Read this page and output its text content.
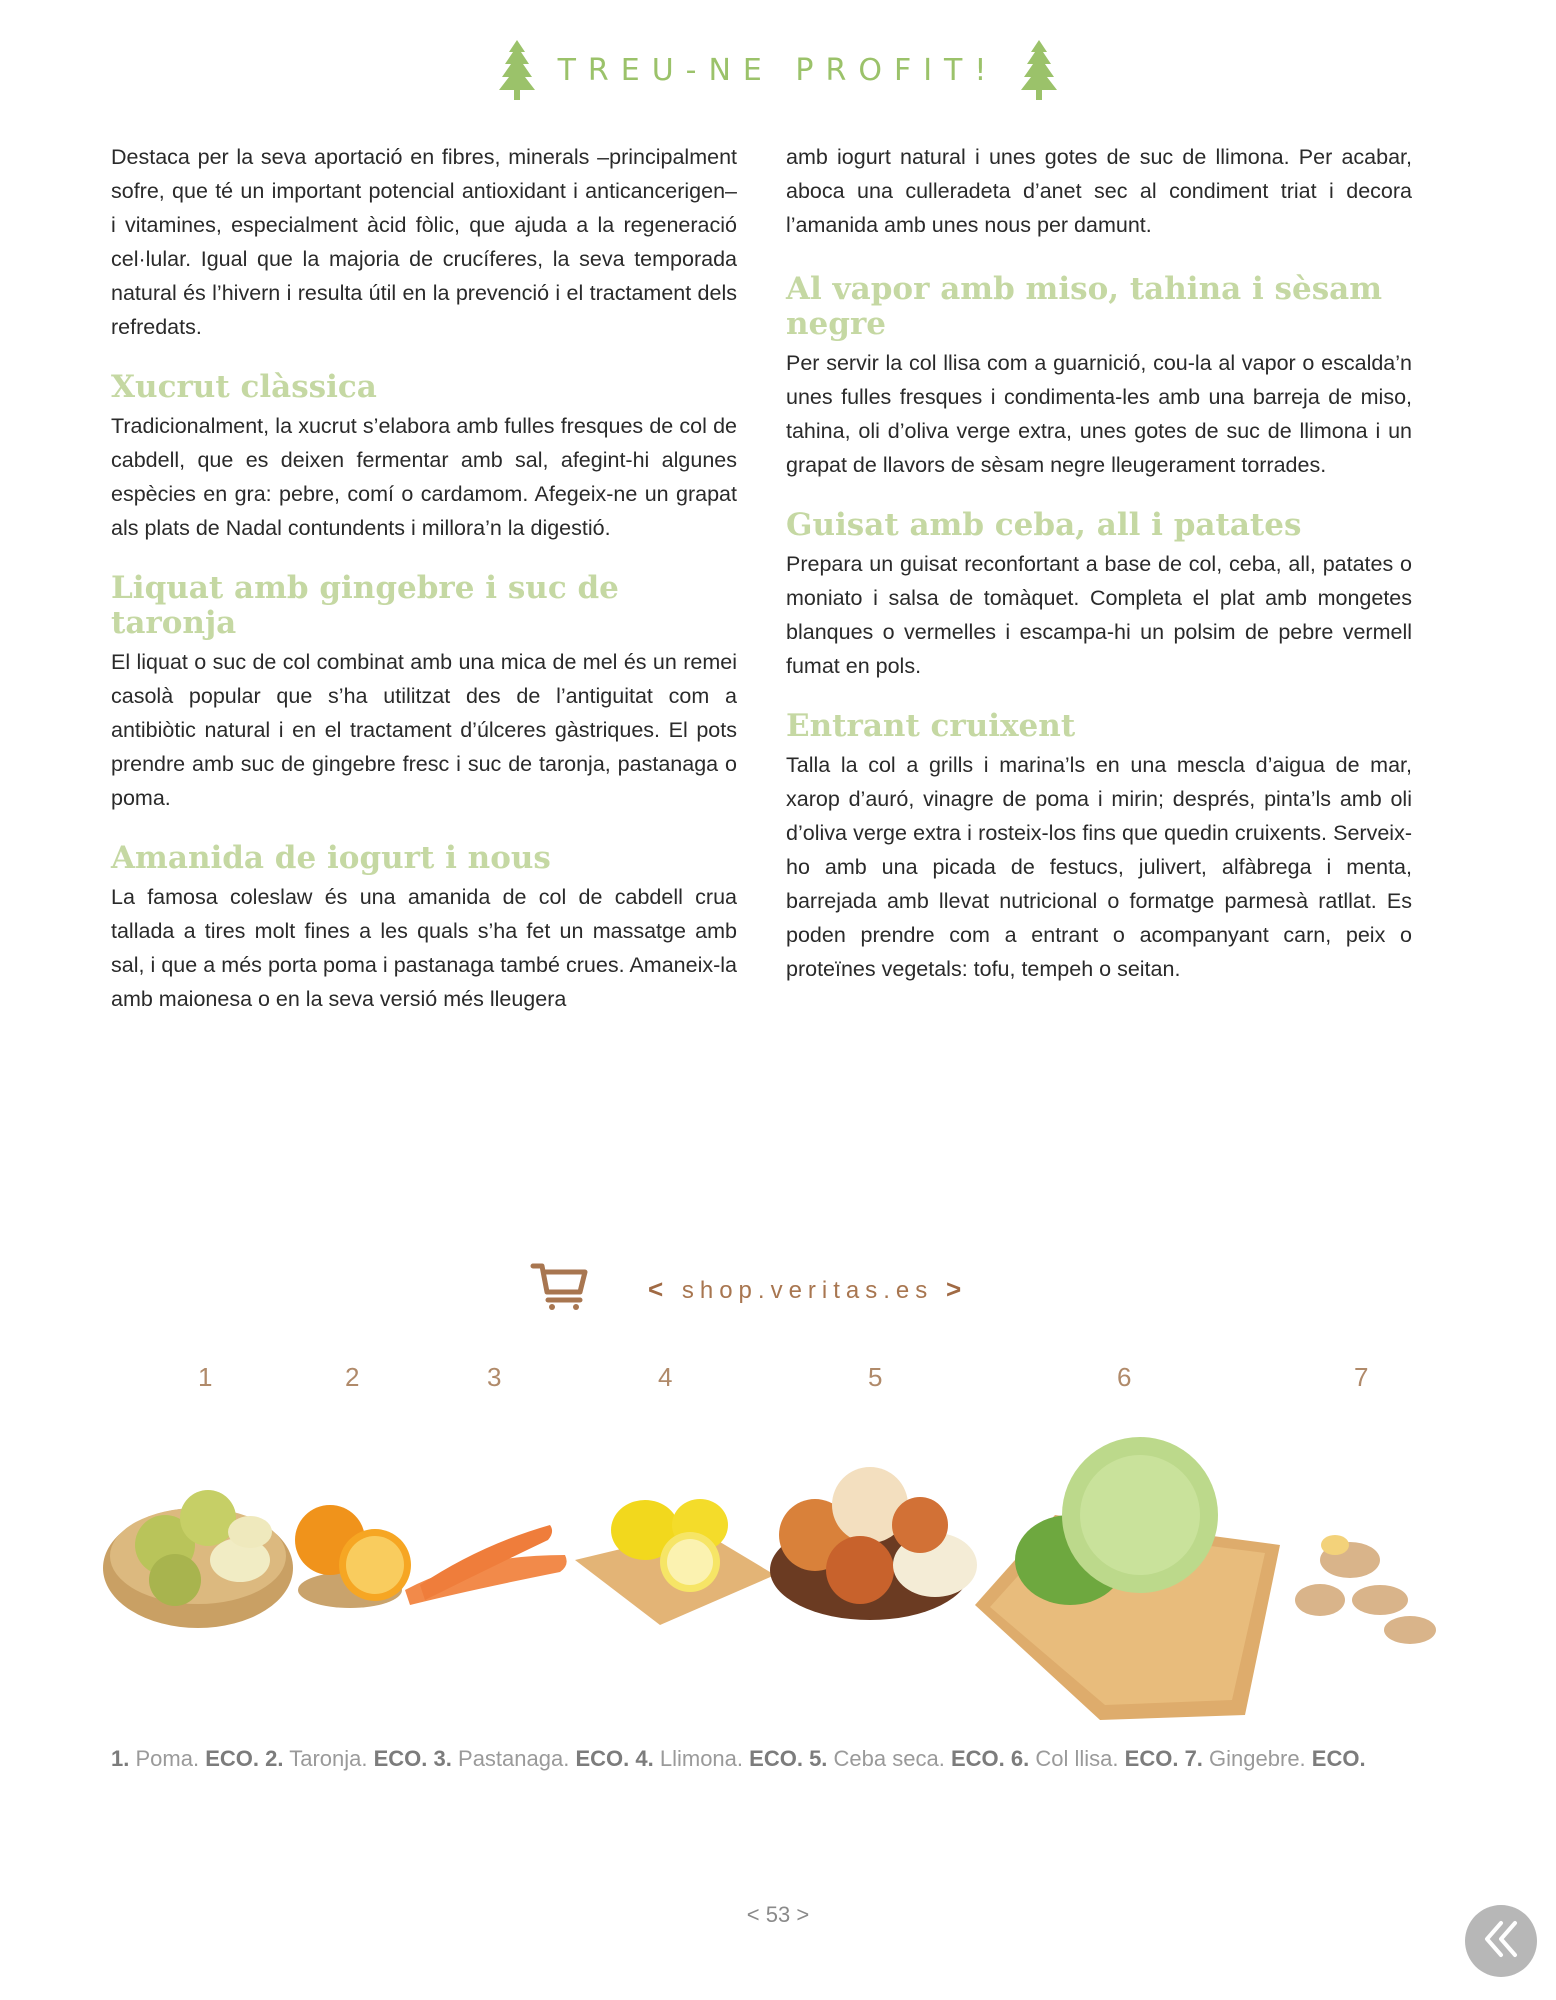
TREU-NE PROFIT!

Destaca per la seva aportació en fibres, minerals –principalment sofre, que té un important potencial antioxidant i anticancerigen– i vitamines, especialment àcid fòlic, que ajuda a la regeneració cel·lular. Igual que la majoria de crucíferes, la seva temporada natural és l’hivern i resulta útil en la prevenció i el tractament dels refredats.

Xucrut clàssica

Tradicionalment, la xucrut s’elabora amb fulles fresques de col de cabdell, que es deixen fermentar amb sal, afegint-hi algunes espècies en gra: pebre, comí o cardamom. Afegeix-ne un grapat als plats de Nadal contundents i millora’n la digestió.

Liquat amb gingebre i suc de taronja

El liquat o suc de col combinat amb una mica de mel és un remei casolà popular que s’ha utilitzat des de l’antiguitat com a antibiòtic natural i en el tractament d’úlceres gàstriques. El pots prendre amb suc de gingebre fresc i suc de taronja, pastanaga o poma.

Amanida de iogurt i nous

La famosa coleslaw és una amanida de col de cabdell crua tallada a tires molt fines a les quals s’ha fet un massatge amb sal, i que a més porta poma i pastanaga també crues. Amaneix-la amb maionesa o en la seva versió més lleugera

amb iogurt natural i unes gotes de suc de llimona. Per acabar, aboca una culleradeta d’anet sec al condiment triat i decora l’amanida amb unes nous per damunt.

Al vapor amb miso, tahina i sèsam negre

Per servir la col llisa com a guarnició, cou-la al vapor o escalda’n unes fulles fresques i condimenta-les amb una barreja de miso, tahina, oli d’oliva verge extra, unes gotes de suc de llimona i un grapat de llavors de sèsam negre lleugerament torrades.

Guisat amb ceba, all i patates

Prepara un guisat reconfortant a base de col, ceba, all, patates o moniato i salsa de tomàquet. Completa el plat amb mongetes blanques o vermelles i escampa-hi un polsim de pebre vermell fumat en pols.

Entrant cruixent

Talla la col a grills i marina’ls en una mescla d’aigua de mar, xarop d’auró, vinagre de poma i mirin; després, pinta’ls amb oli d’oliva verge extra i rosteix-los fins que quedin cruixents. Serveix-ho amb una picada de festucs, julivert, alfàbrega i menta, barrejada amb llevat nutricional o formatge parmesà ratllat. Es poden prendre com a entrant o acompanyant carn, peix o proteïnes vegetals: tofu, tempeh o seitan.

< shop.veritas.es >
1	2	3	4	5	6	7
1. Poma. ECO. 2. Taronja. ECO. 3. Pastanaga. ECO. 4. Llimona. ECO. 5. Ceba seca. ECO. 6. Col llisa. ECO. 7. Gingebre. ECO.
< 53 >
